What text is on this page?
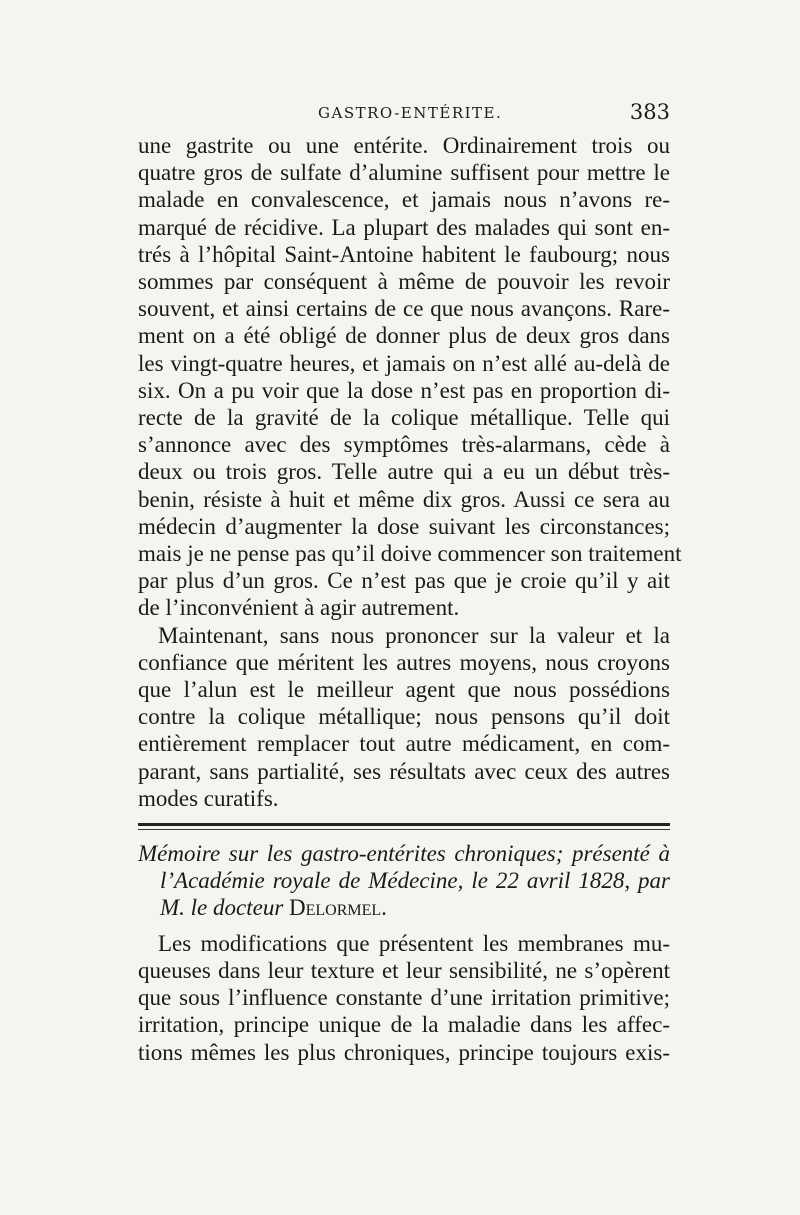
GASTRO-ENTÉRITE.	383
une gastrite ou une entérite. Ordinairement trois ou
quatre gros de sulfate d’alumine suffisent pour mettre le
malade en convalescence, et jamais nous n’avons re-
marqué de récidive. La plupart des malades qui sont en-
trés à l’hôpital Saint-Antoine habitent le faubourg; nous
sommes par conséquent à même de pouvoir les revoir
souvent, et ainsi certains de ce que nous avançons. Rare-
ment on a été obligé de donner plus de deux gros dans
les vingt-quatre heures, et jamais on n’est allé au-delà de
six. On a pu voir que la dose n’est pas en proportion di-
recte de la gravité de la colique métallique. Telle qui
s’annonce avec des symptômes très-alarmans, cède à
deux ou trois gros. Telle autre qui a eu un début très-
benin, résiste à huit et même dix gros. Aussi ce sera au
médecin d’augmenter la dose suivant les circonstances;
mais je ne pense pas qu’il doive commencer son traitement
par plus d’un gros. Ce n’est pas que je croie qu’il y ait
de l’inconvénient à agir autrement.
Maintenant, sans nous prononcer sur la valeur et la
confiance que méritent les autres moyens, nous croyons
que l’alun est le meilleur agent que nous possédions
contre la colique métallique; nous pensons qu’il doit
entièrement remplacer tout autre médicament, en com-
parant, sans partialité, ses résultats avec ceux des autres
modes curatifs.
Mémoire sur les gastro-entérites chroniques; présenté à
l’Académie royale de Médecine, le 22 avril 1828, par
M. le docteur Delormel.
Les modifications que présentent les membranes mu-
queuses dans leur texture et leur sensibilité, ne s’opèrent
que sous l’influence constante d’une irritation primitive;
irritation, principe unique de la maladie dans les affec-
tions mêmes les plus chroniques, principe toujours exis-
